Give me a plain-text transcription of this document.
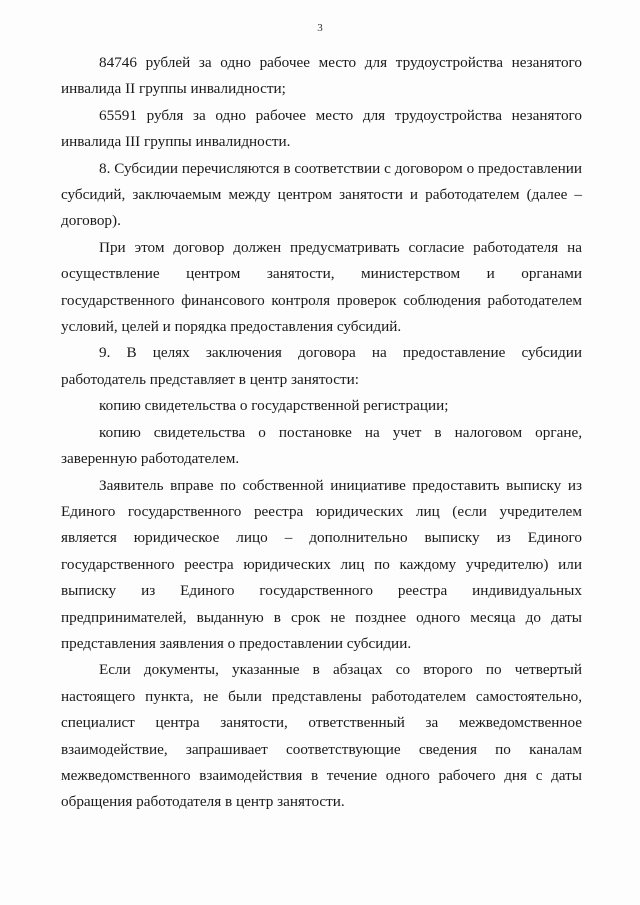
3

84746 рублей за одно рабочее место для трудоустройства незанятого инвалида II группы инвалидности;

65591 рубля за одно рабочее место для трудоустройства незанятого инвалида III группы инвалидности.

8. Субсидии перечисляются в соответствии с договором о предоставлении субсидий, заключаемым между центром занятости и работодателем (далее – договор).

При этом договор должен предусматривать согласие работодателя на осуществление центром занятости, министерством и органами государственного финансового контроля проверок соблюдения работодателем условий, целей и порядка предоставления субсидий.

9. В целях заключения договора на предоставление субсидии работодатель представляет в центр занятости:

копию свидетельства о государственной регистрации;

копию свидетельства о постановке на учет в налоговом органе, заверенную работодателем.

Заявитель вправе по собственной инициативе предоставить выписку из Единого государственного реестра юридических лиц (если учредителем является юридическое лицо – дополнительно выписку из Единого государственного реестра юридических лиц по каждому учредителю) или выписку из Единого государственного реестра индивидуальных предпринимателей, выданную в срок не позднее одного месяца до даты представления заявления о предоставлении субсидии.

Если документы, указанные в абзацах со второго по четвертый настоящего пункта, не были представлены работодателем самостоятельно, специалист центра занятости, ответственный за межведомственное взаимодействие, запрашивает соответствующие сведения по каналам межведомственного взаимодействия в течение одного рабочего дня с даты обращения работодателя в центр занятости.
